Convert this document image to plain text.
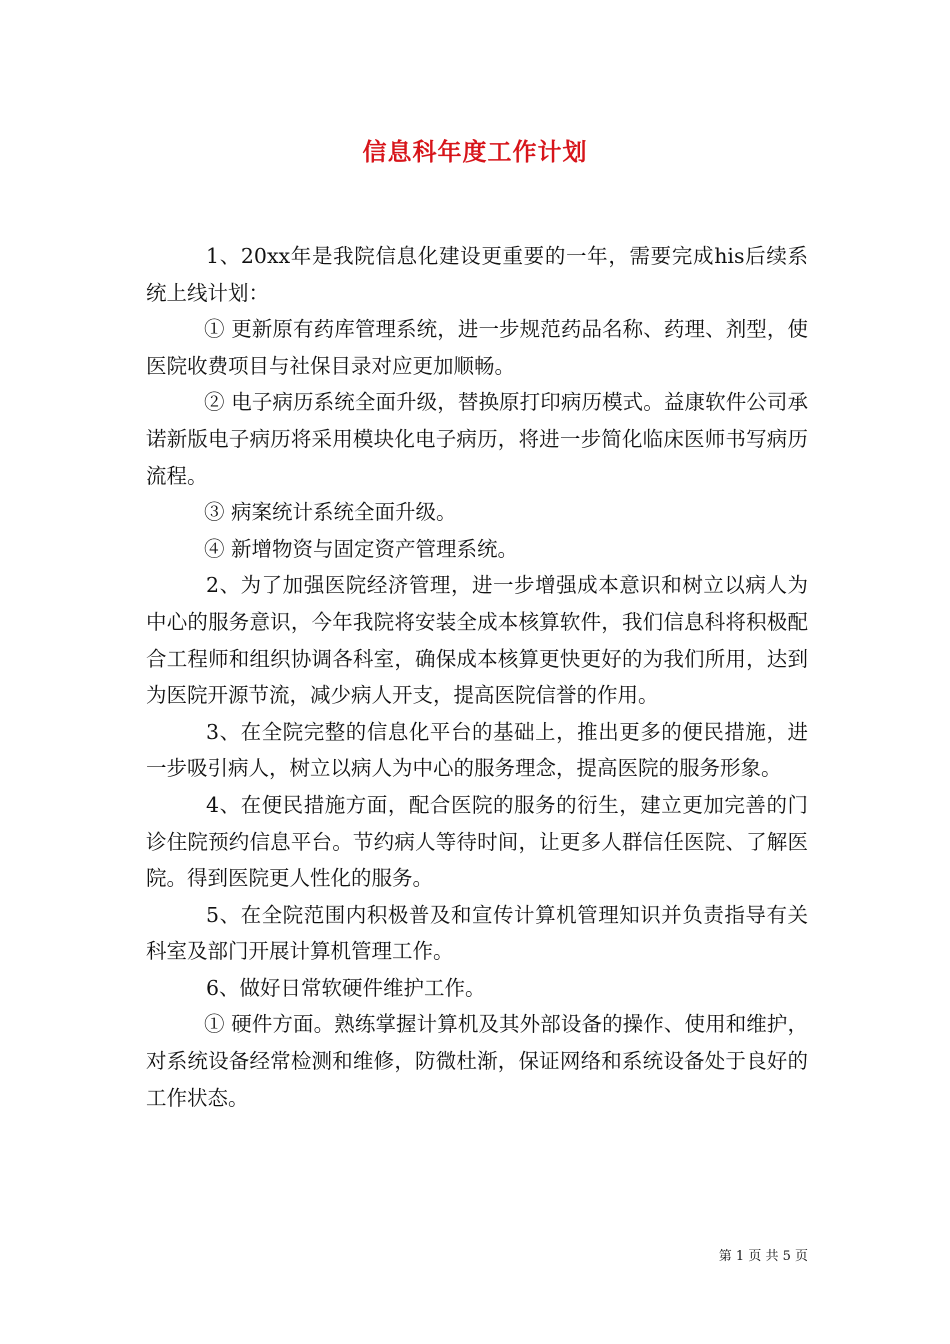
信息科年度工作计划

1、20xx年是我院信息化建设更重要的一年，需要完成his后续系统上线计划：

① 更新原有药库管理系统，进一步规范药品名称、药理、剂型，使医院收费项目与社保目录对应更加顺畅。

② 电子病历系统全面升级，替换原打印病历模式。益康软件公司承诺新版电子病历将采用模块化电子病历，将进一步简化临床医师书写病历流程。

③ 病案统计系统全面升级。

④ 新增物资与固定资产管理系统。

2、为了加强医院经济管理，进一步增强成本意识和树立以病人为中心的服务意识，今年我院将安装全成本核算软件，我们信息科将积极配合工程师和组织协调各科室，确保成本核算更快更好的为我们所用，达到为医院开源节流，减少病人开支，提高医院信誉的作用。

3、在全院完整的信息化平台的基础上，推出更多的便民措施，进一步吸引病人，树立以病人为中心的服务理念，提高医院的服务形象。

4、在便民措施方面，配合医院的服务的衍生，建立更加完善的门诊住院预约信息平台。节约病人等待时间，让更多人群信任医院、了解医院。得到医院更人性化的服务。

5、在全院范围内积极普及和宣传计算机管理知识并负责指导有关科室及部门开展计算机管理工作。

6、做好日常软硬件维护工作。

① 硬件方面。熟练掌握计算机及其外部设备的操作、使用和维护，对系统设备经常检测和维修，防微杜渐，保证网络和系统设备处于良好的工作状态。

第 1 页 共 5 页
